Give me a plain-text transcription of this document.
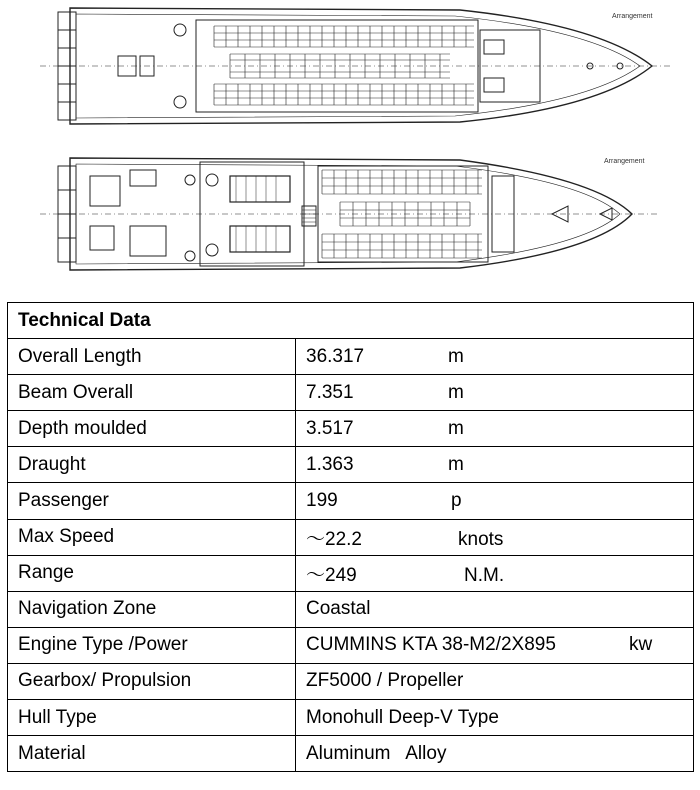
Arrangement
Arrangement
Technical Data	
Overall Length	36.317 m
Beam Overall	7.351 m
Depth moulded	3.517 m
Draught	1.363 m
Passenger	199 p
Max Speed	～22.2 knots
Range	～249 N.M.
Navigation Zone	Coastal
Engine Type /Power	CUMMINS KTA 38-M2/2X895 kw
Gearbox/ Propulsion	ZF5000 / Propeller
Hull Type	Monohull Deep-V Type
Material	Aluminum   Alloy
